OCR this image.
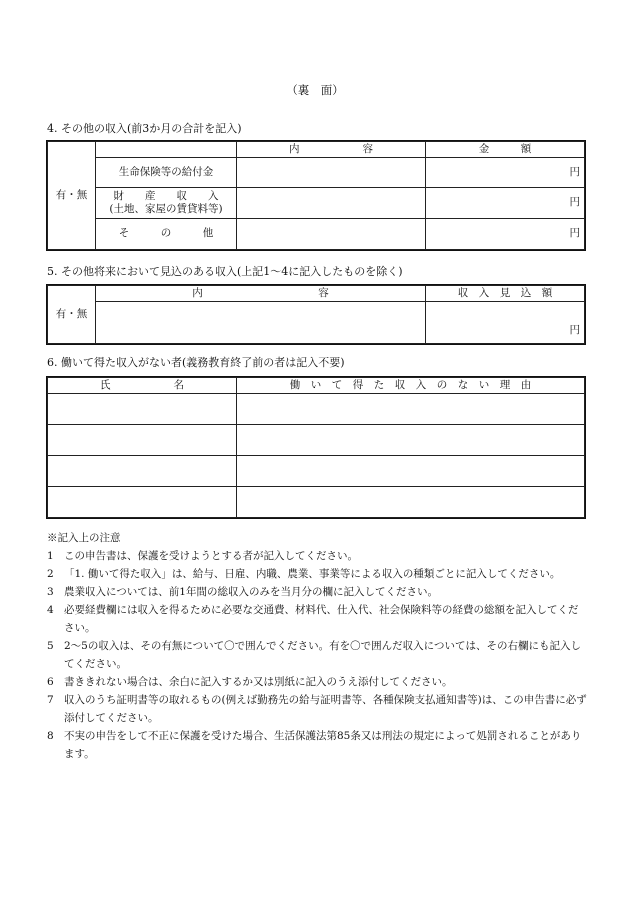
（裏　面）
4. その他の収入(前3か月の合計を記入)
有・無		内　　　　　　容	金　　　額
	生命保険等の給付金		円

	財　　産　　収　　入
(土地、家屋の賃貸料等)		円
	そ　　　の　　　他		円
5. その他将来において見込のある収入(上記1～4に記入したものを除く)
有・無	内　　　　　　　　　　　容	収　入　見　込　額
		円
6. 働いて得た収入がない者(義務教育終了前の者は記入不要)
氏　　　　　　名	働　い　て　得　た　収　入　の　な　い　理　由

※記入上の注意
1 この申告書は、保護を受けようとする者が記入してください。
2 「1. 働いて得た収入」は、給与、日雇、内職、農業、事業等による収入の種類ごとに記入してください。
3 農業収入については、前1年間の総収入のみを当月分の欄に記入してください。
4 必要経費欄には収入を得るために必要な交通費、材料代、仕入代、社会保険料等の経費の総額を記入してください。
5 2～5の収入は、その有無について〇で囲んでください。有を〇で囲んだ収入については、その右欄にも記入してください。
6 書ききれない場合は、余白に記入するか又は別紙に記入のうえ添付してください。
7 収入のうち証明書等の取れるもの(例えば勤務先の給与証明書等、各種保険支払通知書等)は、この申告書に必ず添付してください。
8 不実の申告をして不正に保護を受けた場合、生活保護法第85条又は刑法の規定によって処罰されることがあります。
